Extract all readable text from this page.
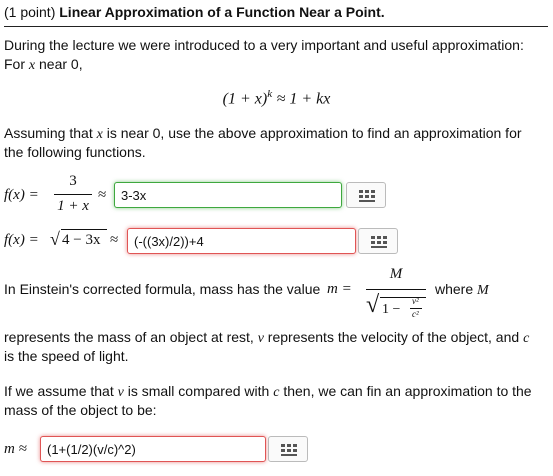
(1 point) Linear Approximation of a Function Near a Point.
During the lecture we were introduced to a very important and useful approximation:
For x near 0,
$(1 + x)^k \approx 1$ + kx
Assuming that x is near 0, use the above approximation to find an approximation for
the following functions.
f(x) =
3
1 + x
≈	3-3x
f(x) = √ 4 − 3x ≈	(-((3x)/2))+4
In Einstein's corrected formula, mass has the value m =
M
√ 1 −
v²
c²
where M
represents the mass of an object at rest, v represents the velocity of the object, and c
is the speed of light.
If we assume that v is small compared with c then, we can fin an approximation to the
mass of the object to be:
m ≈	(1+(1/2)(v/c)^2)
